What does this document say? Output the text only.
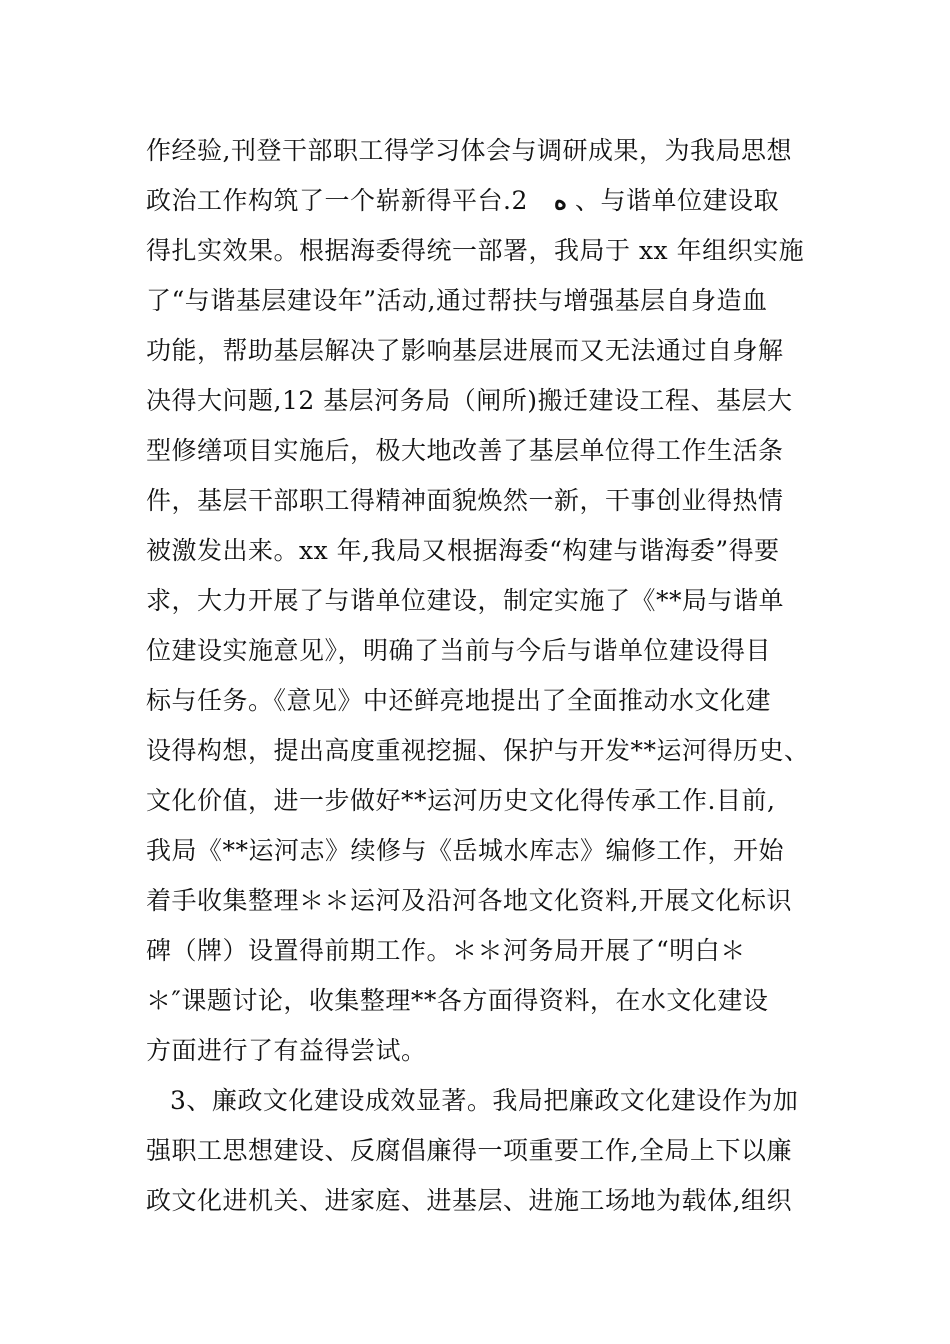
作经验,刊登干部职工得学习体会与调研成果，为我局思想
政治工作构筑了一个崭新得平台.2 ه 、与谐单位建设取
得扎实效果。根据海委得统一部署，我局于 xx 年组织实施
了“与谐基层建设年”活动,通过帮扶与增强基层自身造血
功能，帮助基层解决了影响基层进展而又无法通过自身解
决得大问题,12 基层河务局（闸所)搬迁建设工程、基层大
型修缮项目实施后，极大地改善了基层单位得工作生活条
件，基层干部职工得精神面貌焕然一新，干事创业得热情
被激发出来。xx 年,我局又根据海委“构建与谐海委”得要
求，大力开展了与谐单位建设，制定实施了《**局与谐单
位建设实施意见》，明确了当前与今后与谐单位建设得目
标与任务。《意见》中还鲜亮地提出了全面推动水文化建
设得构想，提出高度重视挖掘、保护与开发**运河得历史、
文化价值，进一步做好**运河历史文化得传承工作.目前,
我局《**运河志》续修与《岳城水库志》编修工作，开始
着手收集整理＊＊运河及沿河各地文化资料,开展文化标识
碑（牌）设置得前期工作。＊＊河务局开展了“明白＊
＊″课题讨论，收集整理**各方面得资料，在水文化建设
方面进行了有益得尝试。
3、廉政文化建设成效显著。我局把廉政文化建设作为加
强职工思想建设、反腐倡廉得一项重要工作,全局上下以廉
政文化进机关、进家庭、进基层、进施工场地为载体,组织
